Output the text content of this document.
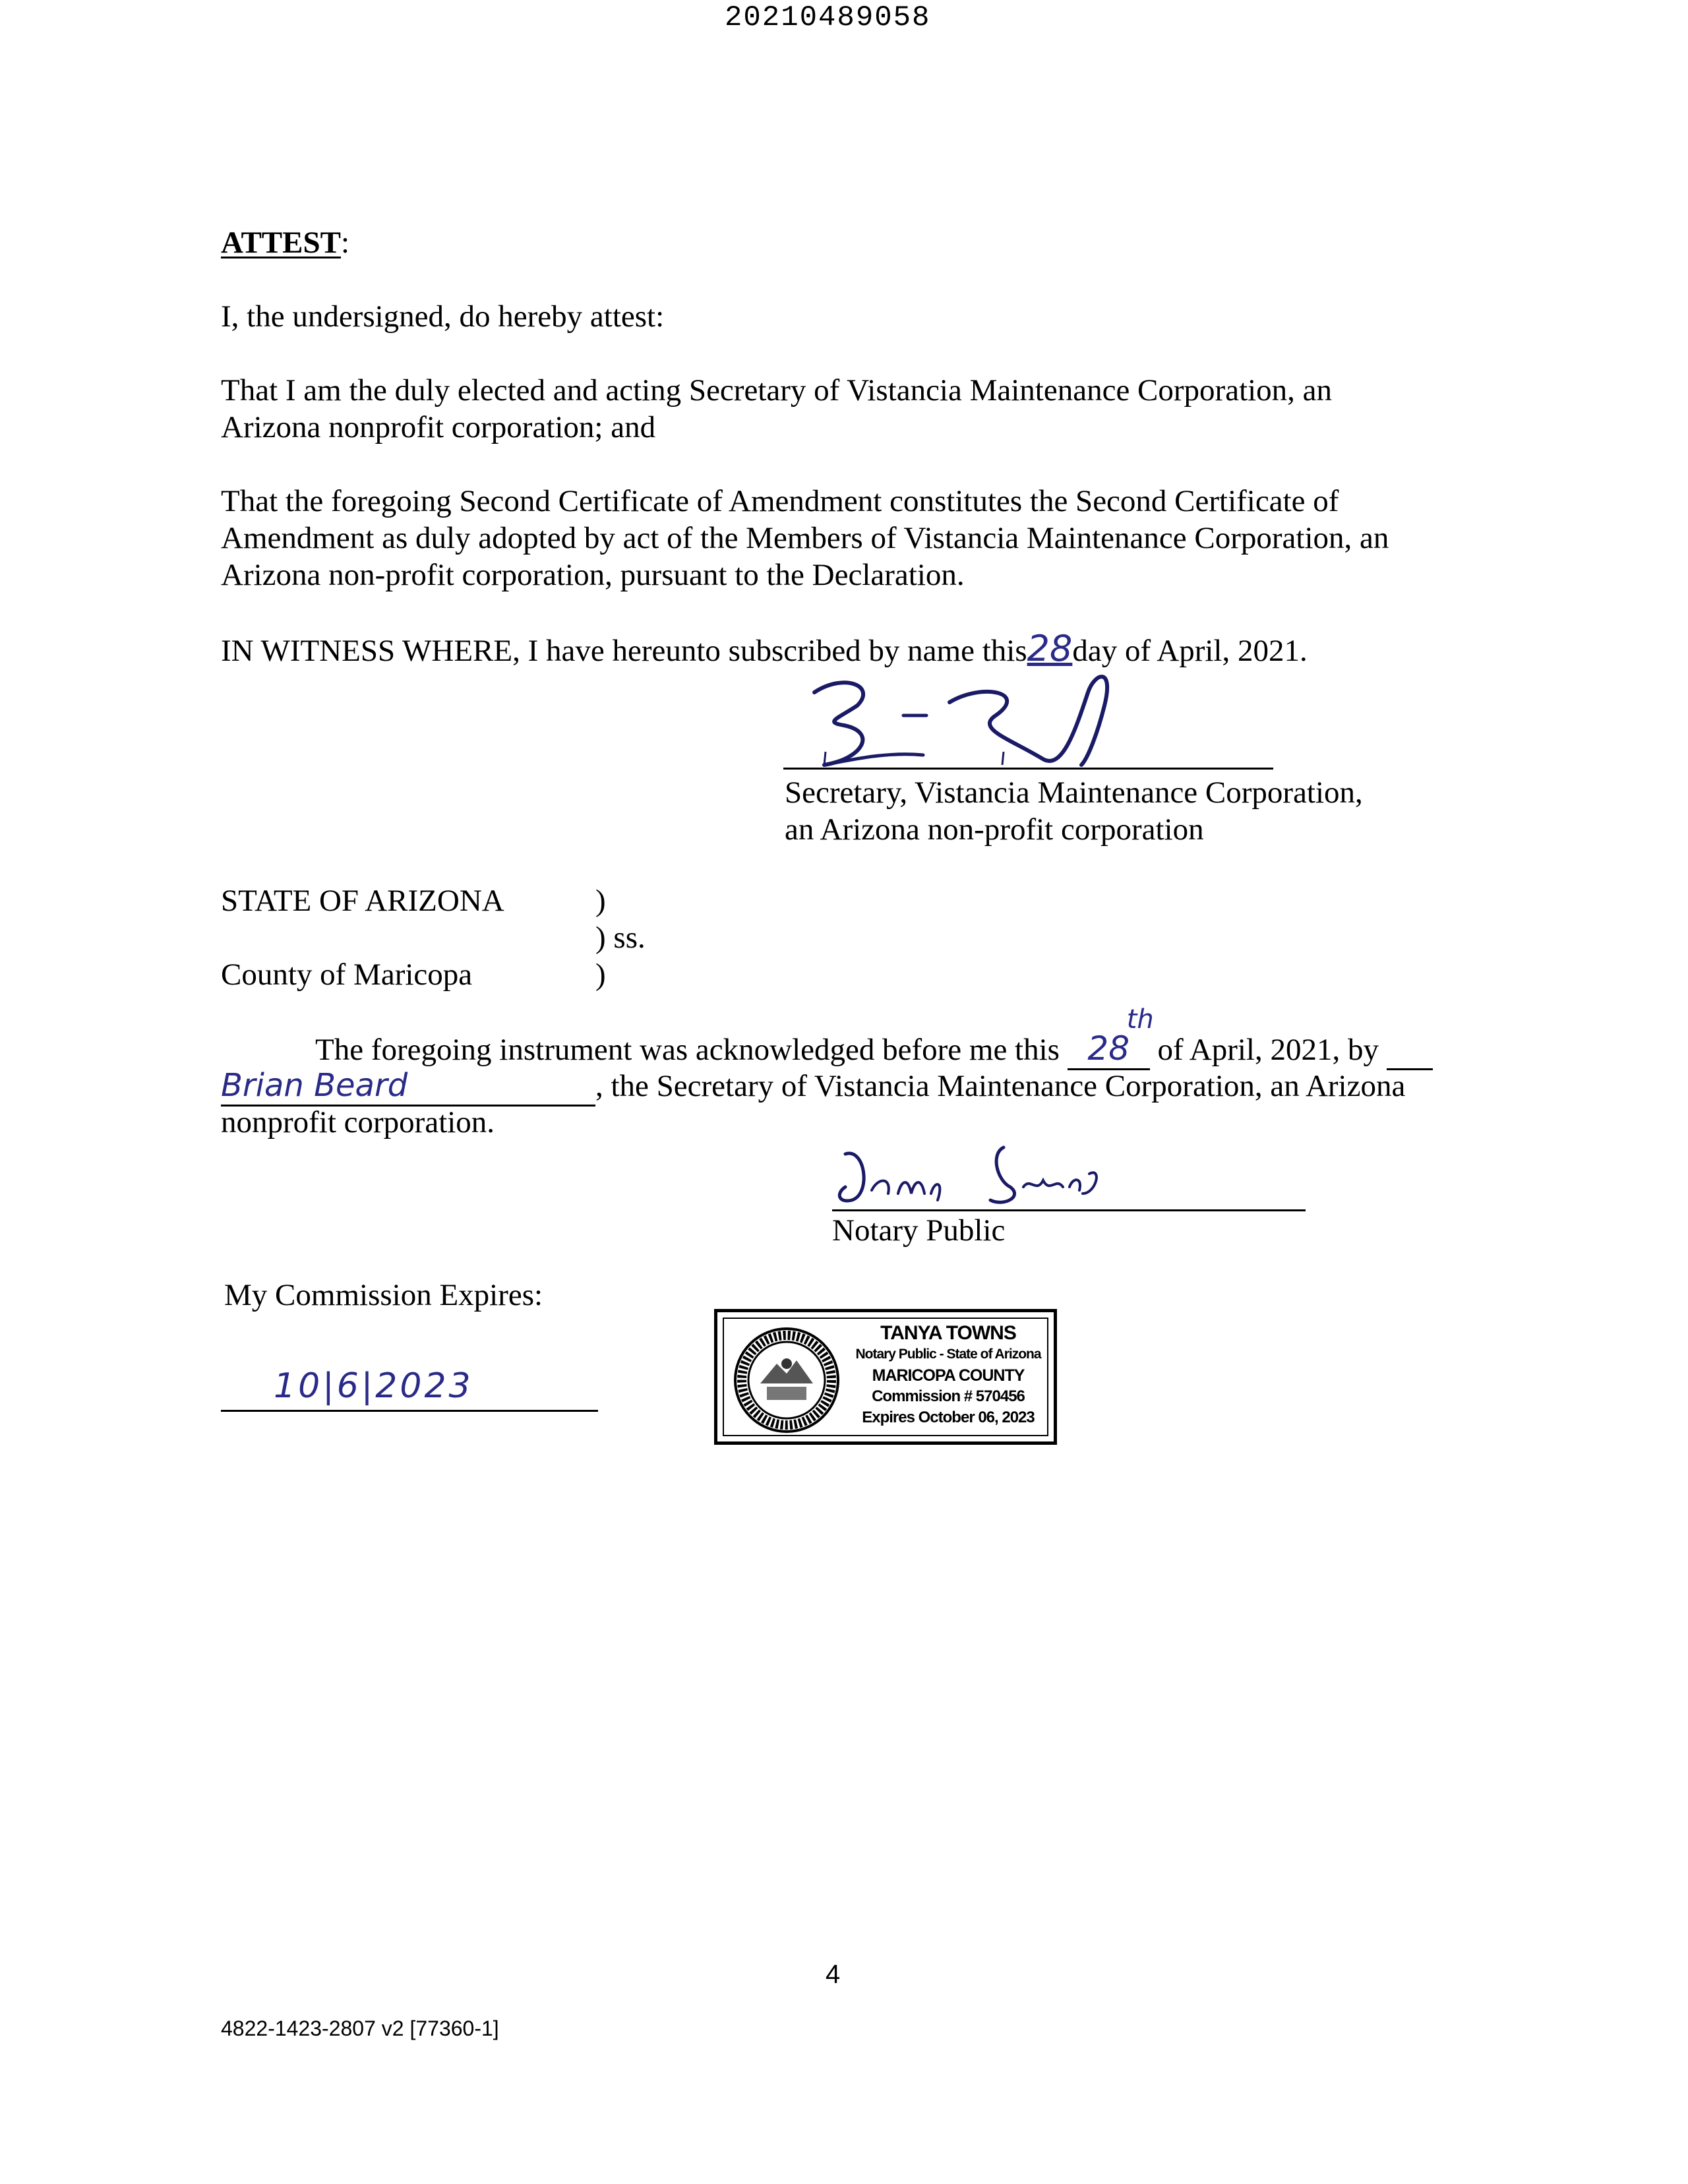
20210489058
ATTEST:
I, the undersigned, do hereby attest:
That I am the duly elected and acting Secretary of Vistancia Maintenance Corporation, an
Arizona nonprofit corporation; and
That the foregoing Second Certificate of Amendment constitutes the Second Certificate of
Amendment as duly adopted by act of the Members of Vistancia Maintenance Corporation, an
Arizona non-profit corporation, pursuant to the Declaration.
IN WITNESS WHERE, I have hereunto subscribed by name this28day of April, 2021.
Secretary, Vistancia Maintenance Corporation,
an Arizona non-profit corporation
STATE OF ARIZONA	)
) ss.
County of Maricopa	)
The foregoing instrument was acknowledged before me this 28
th
of April, 2021, by
Brian Beard	, the Secretary of Vistancia Maintenance Corporation, an Arizona
nonprofit corporation.
Notary Public
My Commission Expires:
10|6|2023
TANYA TOWNS
Notary Public - State of Arizona
MARICOPA COUNTY
Commission # 570456
Expires October 06, 2023
4
4822-1423-2807 v2 [77360-1]
